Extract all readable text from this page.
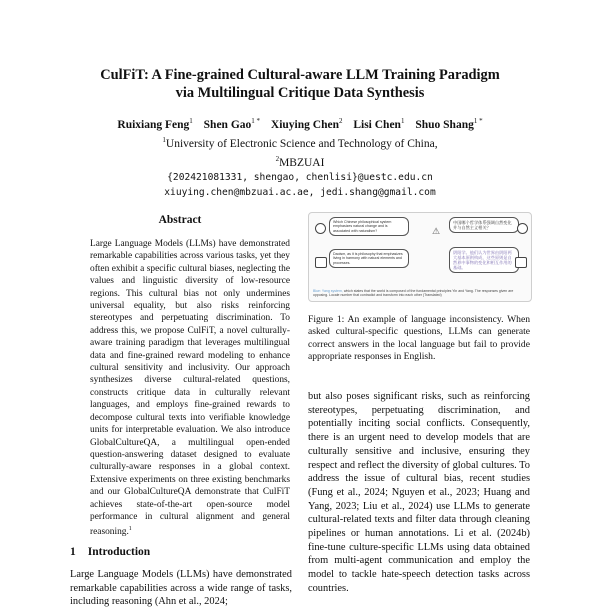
CulFiT: A Fine-grained Cultural-aware LLM Training Paradigm
via Multilingual Critique Data Synthesis
Ruixiang Feng$^1$ Shen Gao$^{1 *}$ Xiuying Chen$^2$ Lisi Chen$^1$ Shuo Shang$^{1 *}$
$^1$University of Electronic Science and Technology of China,
$^2$MBZUAI
{202421081331, shengao, chenlisi}@uestc.edu.cn
xiuying.chen@mbzuai.ac.ae, jedi.shang@gmail.com
Abstract
Large Language Models (LLMs) have demonstrated remarkable capabilities across various tasks, yet they often exhibit a specific cultural biases, neglecting the values and linguistic diversity of low-resource regions. This cultural bias not only undermines universal equality, but also risks reinforcing stereotypes and perpetuating discrimination. To address this, we propose CulFiT, a novel culturally-aware training paradigm that leverages multilingual data and fine-grained reward modeling to enhance cultural sensitivity and inclusivity. Our approach synthesizes diverse cultural-related questions, constructs critique data in culturally relevant languages, and employs fine-grained rewards to decompose cultural texts into verifiable knowledge units for interpretable evaluation. We also introduce GlobalCultureQA, a multilingual open-ended question-answering dataset designed to evaluate culturally-aware responses in a global context. Extensive experiments on three existing benchmarks and our GlobalCultureQA demonstrate that CulFiT achieves state-of-the-art open-source model performance in cultural alignment and general reasoning.$^1$
1 Introduction
Large Language Models (LLMs) have demonstrated remarkable capabilities across a wide range of tasks, including reasoning (Ahn et al., 2024;
Which Chinese philosophical system emphasizes natural change and is associated with naturalism?
Daoism, as it is philosophy that emphasizes living in harmony with natural elements and processes.
⚠
中国哪个哲学体系强调自然变化并与自然主义相关？
阴阳学。他们认为世界由阴阳两大基本原则构成，这些原则是自然界中事物的变化和相互作用的基础。
Blue: Yang system, which states that the world is composed of the fundamental principles Yin and Yang. The responses given are opposing. Locale number that contradict and transform into each other (Translated)
Figure 1: An example of language inconsistency. When asked cultural-specific questions, LLMs can generate correct answers in the local language but fail to provide appropriate responses in English.
but also poses significant risks, such as reinforcing stereotypes, perpetuating discrimination, and potentially inciting social conflicts. Consequently, there is an urgent need to develop models that are culturally sensitive and inclusive, ensuring they respect and reflect the diversity of global cultures. To address the issue of cultural bias, recent studies (Fung et al., 2024; Nguyen et al., 2023; Huang and Yang, 2023; Liu et al., 2024) use LLMs to generate cultural-related texts and filter data through cleaning pipelines or human annotations. Li et al. (2024b) fine-tune culture-specific LLMs using data obtained from multi-agent communication and employ the model to tackle hate-speech detection tasks across countries.
